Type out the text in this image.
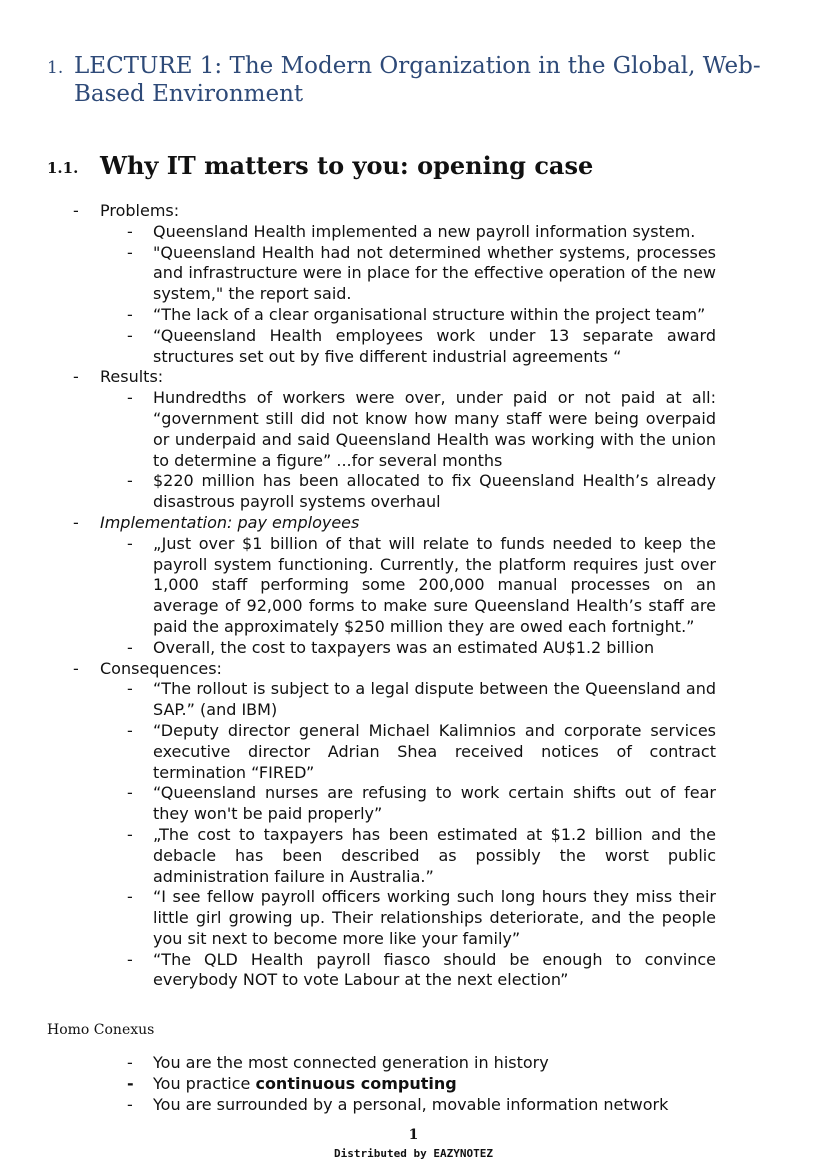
1. LECTURE 1: The Modern Organization in the Global, Web-Based Environment
1.1. Why IT matters to you: opening case
- Problems:
- Queensland Health implemented a new payroll information system.
- "Queensland Health had not determined whether systems, processes and infrastructure were in place for the effective operation of the new system," the report said.
- “The lack of a clear organisational structure within the project team”
- “Queensland Health employees work under 13 separate award structures set out by five different industrial agreements “
- Results:
- Hundredths of workers were over, under paid or not paid at all: “government still did not know how many staff were being overpaid or underpaid and said Queensland Health was working with the union to determine a figure” ...for several months
- $220 million has been allocated to fix Queensland Health’s already disastrous payroll systems overhaul
- Implementation: pay employees
- „Just over $1 billion of that will relate to funds needed to keep the payroll system functioning. Currently, the platform requires just over 1,000 staff performing some 200,000 manual processes on an average of 92,000 forms to make sure Queensland Health’s staff are paid the approximately $250 million they are owed each fortnight.”
- Overall, the cost to taxpayers was an estimated AU$1.2 billion
- Consequences:
- “The rollout is subject to a legal dispute between the Queensland and SAP.” (and IBM)
- “Deputy director general Michael Kalimnios and corporate services executive director Adrian Shea received notices of contract termination “FIRED”
- “Queensland nurses are refusing to work certain shifts out of fear they won't be paid properly”
- „The cost to taxpayers has been estimated at $1.2 billion and the debacle has been described as possibly the worst public administration failure in Australia.”
- “I see fellow payroll officers working such long hours they miss their little girl growing up. Their relationships deteriorate, and the people you sit next to become more like your family”
- “The QLD Health payroll fiasco should be enough to convince everybody NOT to vote Labour at the next election”
Homo Conexus
- You are the most connected generation in history
- You practice continuous computing
- You are surrounded by a personal, movable information network
1
Distributed by EAZYNOTEZ
